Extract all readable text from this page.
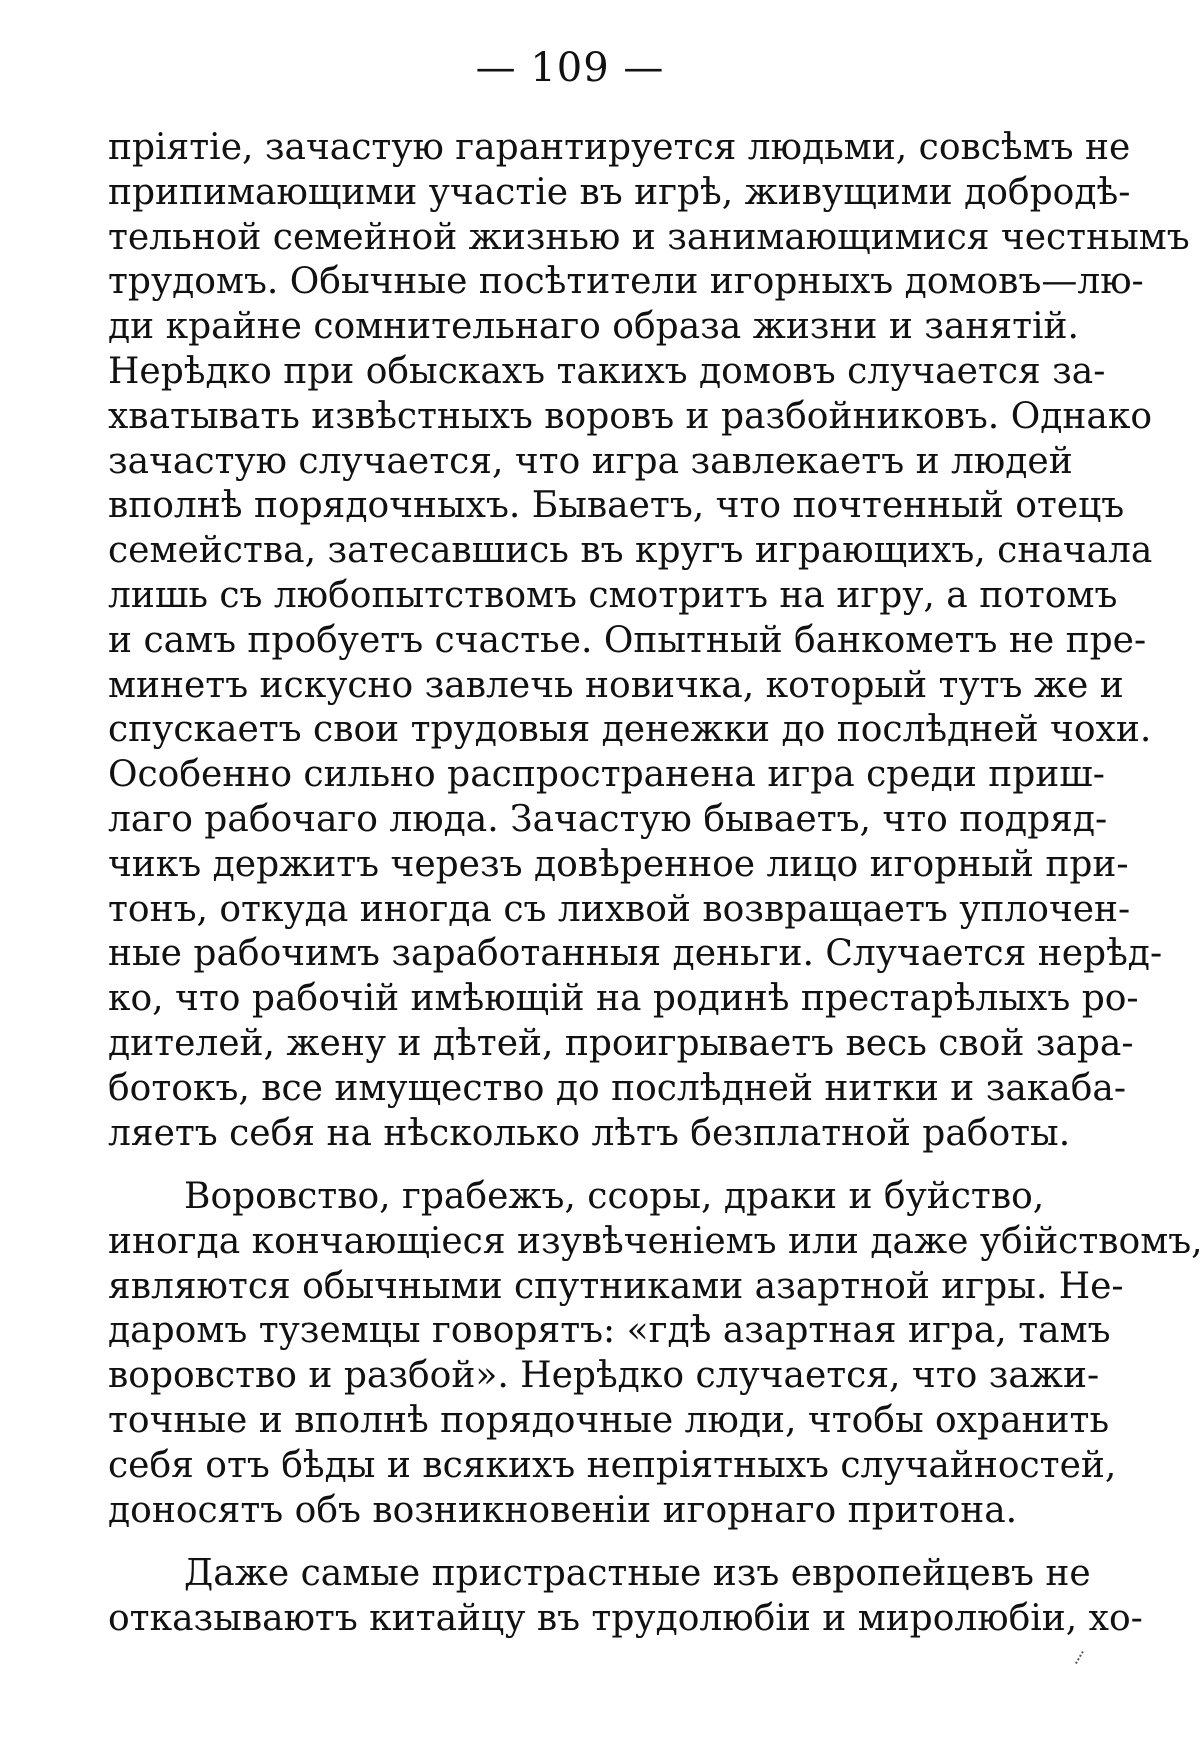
— 109 —
пріятіе, зачастую гарантируется людьми, совсѣмъ не
припимающими участіе въ игрѣ, живущими добродѣ-
тельной семейной жизнью и занимающимися честнымъ
трудомъ. Обычные посѣтители игорныхъ домовъ—лю-
ди крайне сомнительнаго образа жизни и занятій.
Нерѣдко при обыскахъ такихъ домовъ случается за-
хватывать извѣстныхъ воровъ и разбойниковъ. Однако
зачастую случается, что игра завлекаетъ и людей
вполнѣ порядочныхъ. Бываетъ, что почтенный отецъ
семейства, затесавшись въ кругъ играющихъ, сначала
лишь съ любопытствомъ смотритъ на игру, а потомъ
и самъ пробуетъ счастье. Опытный банкометъ не пре-
минетъ искусно завлечь новичка, который тутъ же и
спускаетъ свои трудовыя денежки до послѣдней чохи.
Особенно сильно распространена игра среди приш-
лаго рабочаго люда. Зачастую бываетъ, что подряд-
чикъ держитъ черезъ довѣренное лицо игорный при-
тонъ, откуда иногда съ лихвой возвращаетъ уплочен-
ные рабочимъ заработанныя деньги. Случается нерѣд-
ко, что рабочій имѣющій на родинѣ престарѣлыхъ ро-
дителей, жену и дѣтей, проигрываетъ весь свой зара-
ботокъ, все имущество до послѣдней нитки и закаба-
ляетъ себя на нѣсколько лѣтъ безплатной работы.
Воровство, грабежъ, ссоры, драки и буйство,
иногда кончающіеся изувѣченіемъ или даже убійствомъ,
являются обычными спутниками азартной игры. Не-
даромъ туземцы говорятъ: «гдѣ азартная игра, тамъ
воровство и разбой». Нерѣдко случается, что зажи-
точные и вполнѣ порядочные люди, чтобы охранить
себя отъ бѣды и всякихъ непріятныхъ случайностей,
доносятъ объ возникновеніи игорнаго притона.
Даже самые пристрастные изъ европейцевъ не
отказываютъ китайцу въ трудолюбіи и миролюбіи, хо-
